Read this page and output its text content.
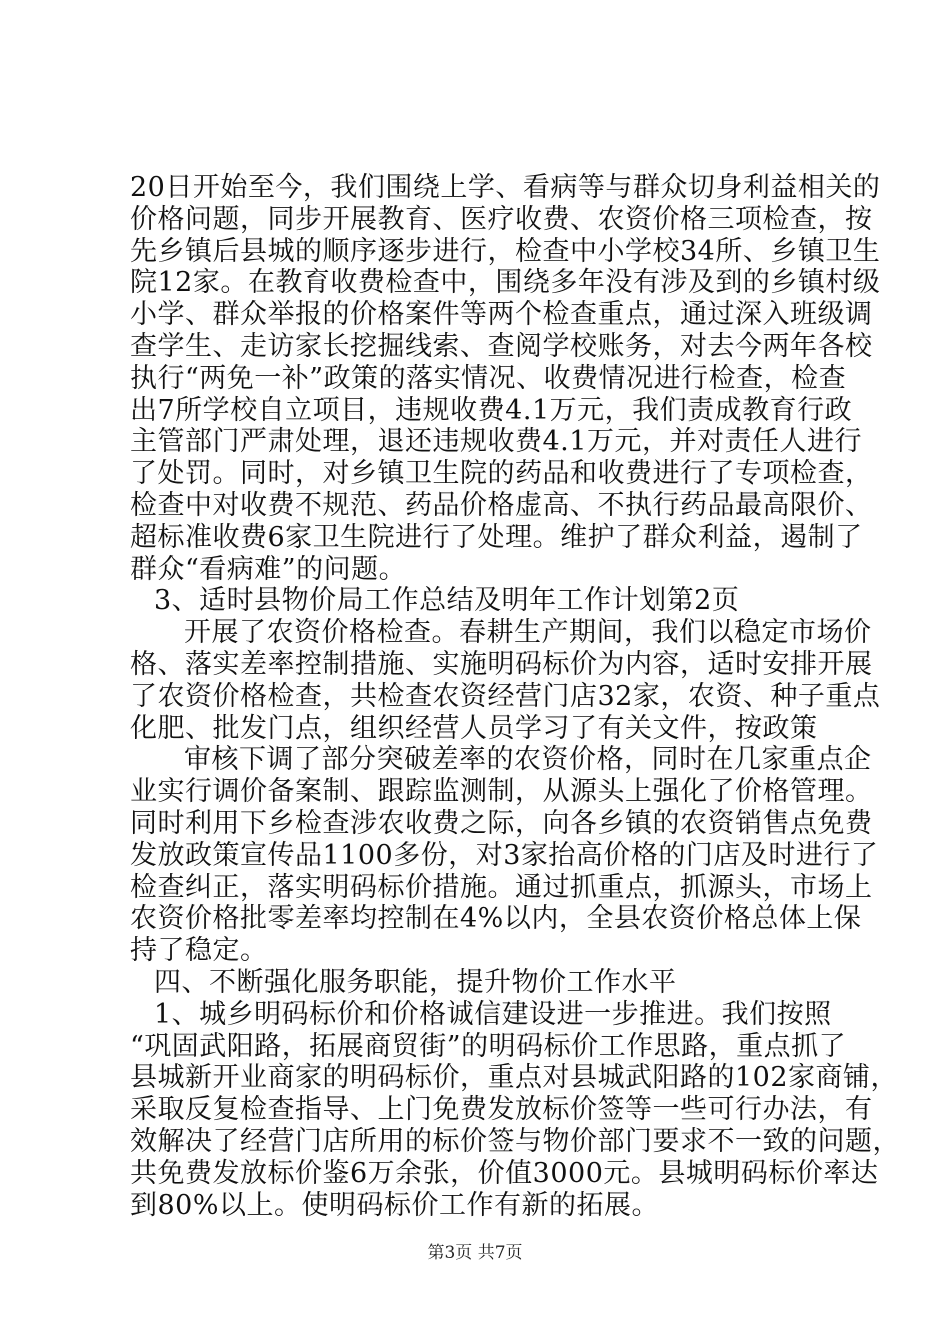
20日开始至今，我们围绕上学、看病等与群众切身利益相关的
价格问题，同步开展教育、医疗收费、农资价格三项检查，按
先乡镇后县城的顺序逐步进行，检查中小学校34所、乡镇卫生
院12家。在教育收费检查中，围绕多年没有涉及到的乡镇村级
小学、群众举报的价格案件等两个检查重点，通过深入班级调
查学生、走访家长挖掘线索、查阅学校账务，对去今两年各校
执行“两免一补”政策的落实情况、收费情况进行检查，检查
出7所学校自立项目，违规收费4.1万元，我们责成教育行政
主管部门严肃处理，退还违规收费4.1万元，并对责任人进行
了处罚。同时，对乡镇卫生院的药品和收费进行了专项检查，
检查中对收费不规范、药品价格虚高、不执行药品最高限价、
超标准收费6家卫生院进行了处理。维护了群众利益，遏制了
群众“看病难”的问题。
3、适时县物价局工作总结及明年工作计划第2页
开展了农资价格检查。春耕生产期间，我们以稳定市场价
格、落实差率控制措施、实施明码标价为内容，适时安排开展
了农资价格检查，共检查农资经营门店32家，农资、种子重点
化肥、批发门点，组织经营人员学习了有关文件，按政策
审核下调了部分突破差率的农资价格，同时在几家重点企
业实行调价备案制、跟踪监测制，从源头上强化了价格管理。
同时利用下乡检查涉农收费之际，向各乡镇的农资销售点免费
发放政策宣传品1100多份，对3家抬高价格的门店及时进行了
检查纠正，落实明码标价措施。通过抓重点，抓源头，市场上
农资价格批零差率均控制在4%以内，全县农资价格总体上保
持了稳定。
四、不断强化服务职能，提升物价工作水平
1、城乡明码标价和价格诚信建设进一步推进。我们按照
“巩固武阳路，拓展商贸街”的明码标价工作思路，重点抓了
县城新开业商家的明码标价，重点对县城武阳路的102家商铺，
采取反复检查指导、上门免费发放标价签等一些可行办法，有
效解决了经营门店所用的标价签与物价部门要求不一致的问题，
共免费发放标价鉴6万余张，价值3000元。县城明码标价率达
到80%以上。使明码标价工作有新的拓展。
第3页 共7页
